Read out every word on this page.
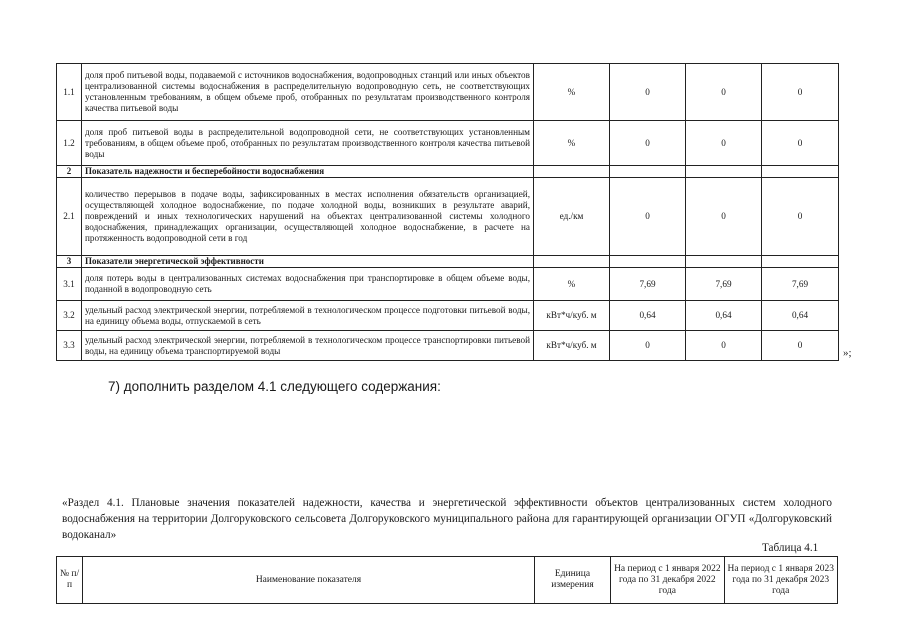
1.1	доля проб питьевой воды, подаваемой с источников водоснабжения, водопроводных станций или иных объектов централизованной системы водоснабжения в распределительную водопроводную сеть, не соответствующих установленным требованиям, в общем объеме проб, отобранных по результатам производственного контроля качества питьевой воды	%	0	0	0
1.2	доля проб питьевой воды в распределительной водопроводной сети, не соответствующих установленным требованиям, в общем объеме проб, отобранных по результатам производственного контроля качества питьевой воды	%	0	0	0
2	Показатель надежности и бесперебойности водоснабжения				
2.1	количество перерывов в подаче воды, зафиксированных в местах исполнения обязательств организацией, осуществляющей холодное водоснабжение, по подаче холодной воды, возникших в результате аварий, повреждений и иных технологических нарушений на объектах централизованной системы холодного водоснабжения, принадлежащих организации, осуществляющей холодное водоснабжение, в расчете на протяженность водопроводной сети в год	ед./км	0	0	0
3	Показатели энергетической эффективности				
3.1	доля потерь воды в централизованных системах водоснабжения при транспортировке в общем объеме воды, поданной в водопроводную сеть	%	7,69	7,69	7,69
3.2	удельный расход электрической энергии, потребляемой в технологическом процессе подготовки питьевой воды, на единицу объема воды, отпускаемой в сеть	кВт*ч/куб. м	0,64	0,64	0,64
3.3	удельный расход электрической энергии, потребляемой в технологическом процессе транспортировки питьевой воды, на единицу объема транспортируемой воды	кВт*ч/куб. м	0	0	0
»;
7) дополнить разделом 4.1 следующего содержания:
«Раздел 4.1. Плановые значения показателей надежности, качества и энергетической эффективности объектов централизованных систем холодного водоснабжения на территории Долгоруковского сельсовета Долгоруковского муниципального района для гарантирующей организации ОГУП «Долгоруковский водоканал»
Таблица 4.1
№ п/п	Наименование показателя	Единица измерения	На период с 1 января 2022 года по 31 декабря 2022 года	На период с 1 января 2023 года по 31 декабря 2023 года
